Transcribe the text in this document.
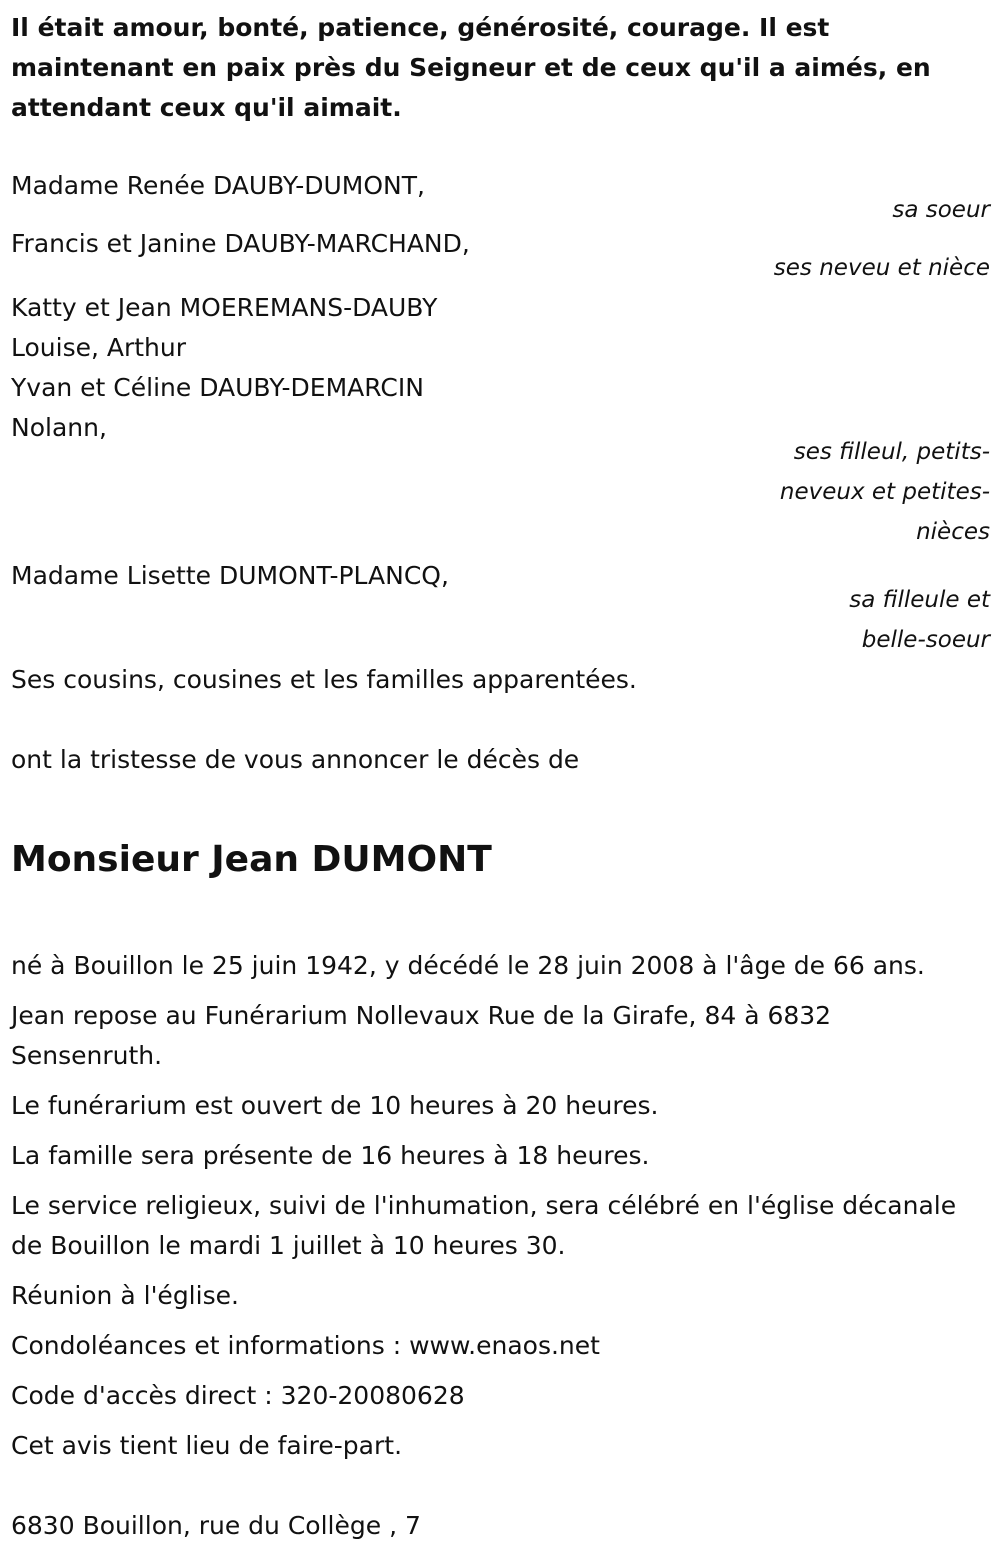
Il était amour, bonté, patience, générosité, courage. Il est maintenant en paix près du Seigneur et de ceux qu'il a aimés, en attendant ceux qu'il aimait.

Madame Renée DAUBY-DUMONT,
sa soeur
Francis et Janine DAUBY-MARCHAND,
ses neveu et nièce
Katty et Jean MOEREMANS-DAUBY
Louise, Arthur
Yvan et Céline DAUBY-DEMARCIN
Nolann,
ses filleul, petits-neveux et petites-nièces
Madame Lisette DUMONT-PLANCQ,
sa filleule et belle-soeur
Ses cousins, cousines et les familles apparentées.
ont la tristesse de vous annoncer le décès de
Monsieur Jean DUMONT

né à Bouillon le 25 juin 1942, y décédé le 28 juin 2008 à l'âge de 66 ans.

Jean repose au Funérarium Nollevaux Rue de la Girafe, 84 à 6832 Sensenruth.

Le funérarium est ouvert de 10 heures à 20 heures.

La famille sera présente de 16 heures à 18 heures.

Le service religieux, suivi de l'inhumation, sera célébré en l'église décanale de Bouillon le mardi 1 juillet à 10 heures 30.

Réunion à l'église.

Condoléances et informations : www.enaos.net

Code d'accès direct : 320-20080628

Cet avis tient lieu de faire-part.

6830 Bouillon, rue du Collège , 7
